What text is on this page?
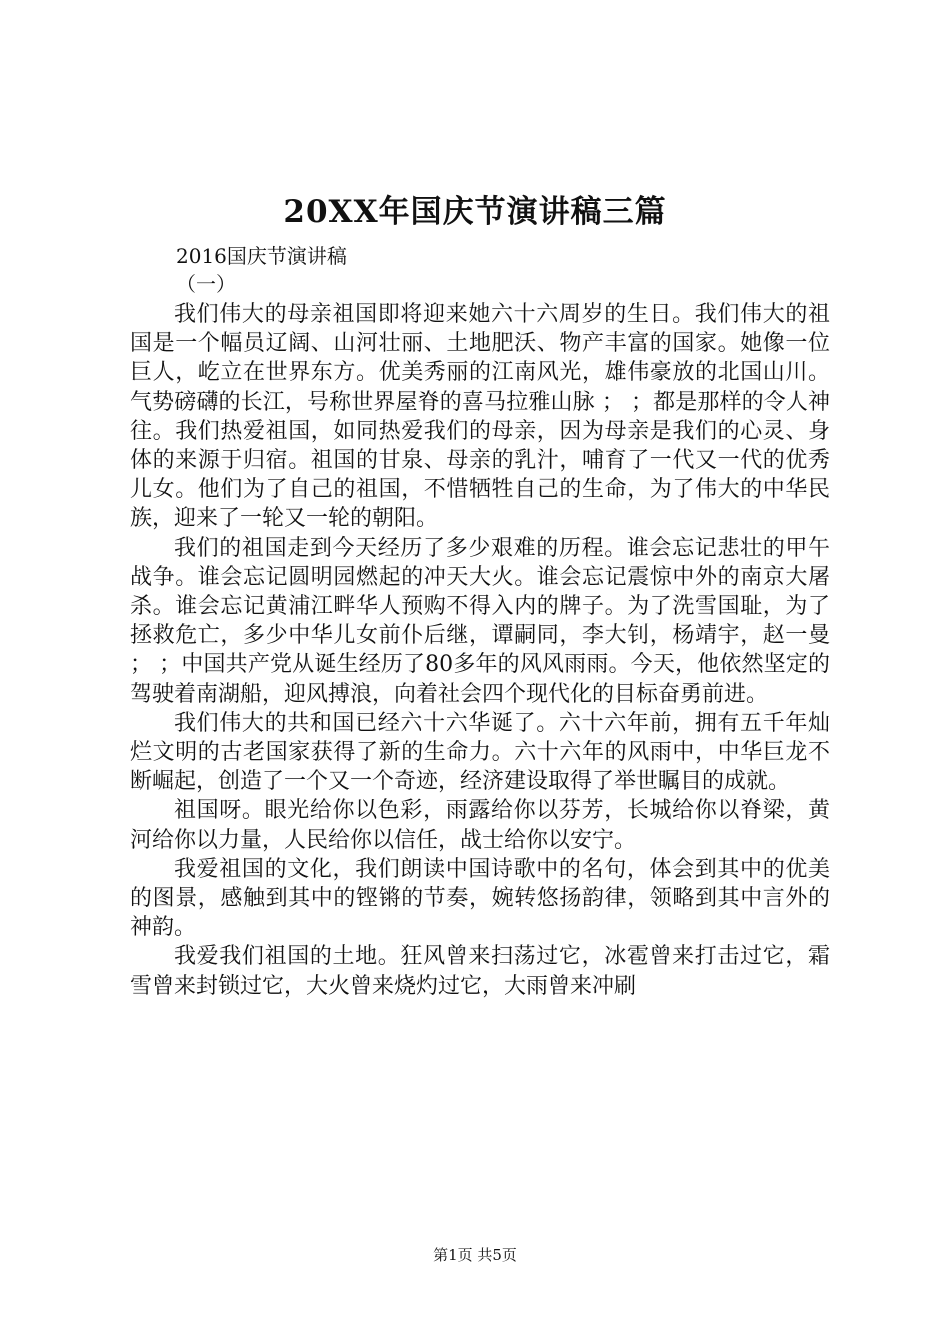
20XX年国庆节演讲稿三篇
2016国庆节演讲稿
（一）

我们伟大的母亲祖国即将迎来她六十六周岁的生日。我们伟大的祖国是一个幅员辽阔、山河壮丽、土地肥沃、物产丰富的国家。她像一位巨人，屹立在世界东方。优美秀丽的江南风光，雄伟豪放的北国山川。气势磅礴的长江，号称世界屋脊的喜马拉雅山脉 ； ；都是那样的令人神往。我们热爱祖国，如同热爱我们的母亲，因为母亲是我们的心灵、身体的来源于归宿。祖国的甘泉、母亲的乳汁，哺育了一代又一代的优秀儿女。他们为了自己的祖国，不惜牺牲自己的生命，为了伟大的中华民族，迎来了一轮又一轮的朝阳。

我们的祖国走到今天经历了多少艰难的历程。谁会忘记悲壮的甲午战争。谁会忘记圆明园燃起的冲天大火。谁会忘记震惊中外的南京大屠杀。谁会忘记黄浦江畔华人预购不得入内的牌子。为了洗雪国耻，为了拯救危亡，多少中华儿女前仆后继，谭嗣同，李大钊，杨靖宇，赵一曼 ； ；中国共产党从诞生经历了80多年的风风雨雨。今天，他依然坚定的驾驶着南湖船，迎风搏浪，向着社会四个现代化的目标奋勇前进。

我们伟大的共和国已经六十六华诞了。六十六年前，拥有五千年灿烂文明的古老国家获得了新的生命力。六十六年的风雨中，中华巨龙不断崛起，创造了一个又一个奇迹，经济建设取得了举世瞩目的成就。

祖国呀。眼光给你以色彩，雨露给你以芬芳，长城给你以脊梁，黄河给你以力量，人民给你以信任，战士给你以安宁。

我爱祖国的文化，我们朗读中国诗歌中的名句，体会到其中的优美的图景，感触到其中的铿锵的节奏，婉转悠扬韵律，领略到其中言外的神韵。

我爱我们祖国的土地。狂风曾来扫荡过它，冰雹曾来打击过它，霜雪曾来封锁过它，大火曾来烧灼过它，大雨曾来冲刷

第1页 共5页
